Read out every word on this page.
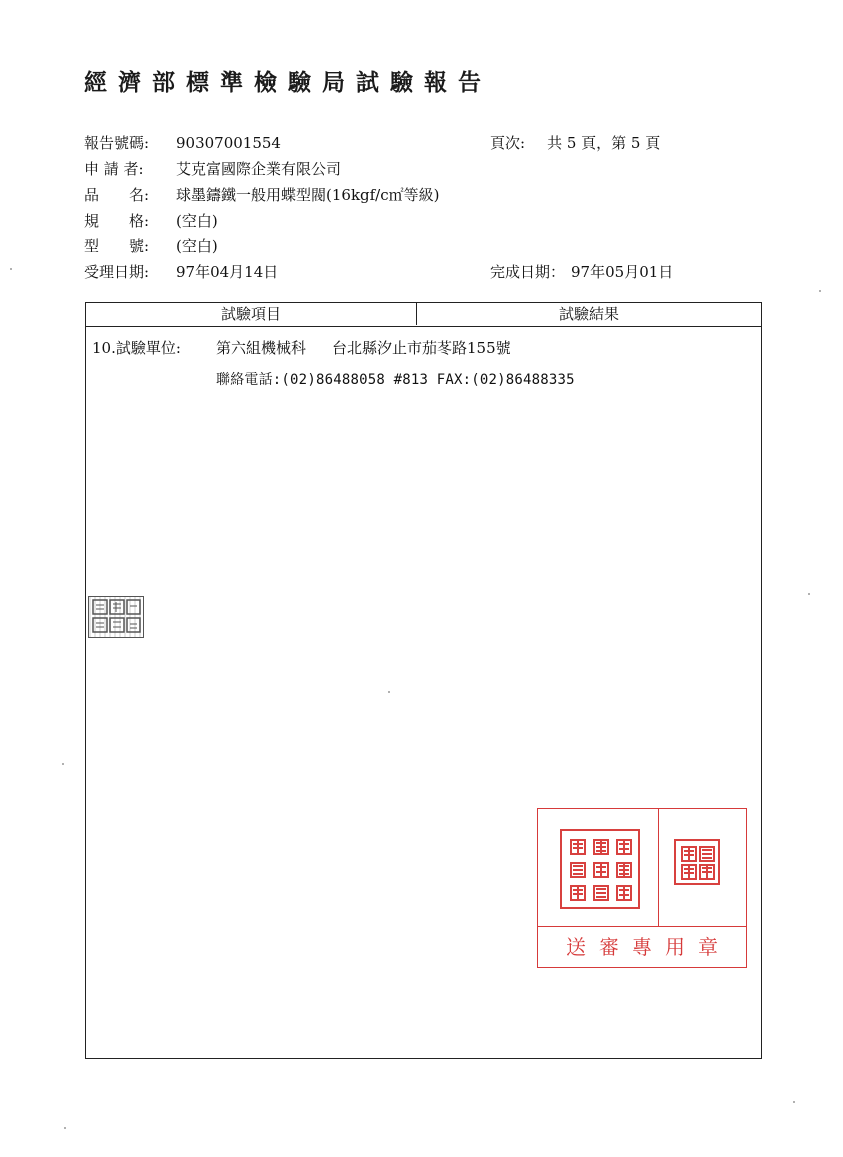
經濟部標準檢驗局試驗報告
報告號碼: 90307001554	頁次: 共 5 頁，第 5 頁
申 請 者: 艾克富國際企業有限公司
品　　名: 球墨鑄鐵一般用蝶型閥(16kgf/c㎡等級)
規　　格: (空白)
型　　號: (空白)
受理日期: 97年04月14日	完成日期： 97年05月01日
試驗項目	試驗結果
10.試驗單位: 第六組機械科 台北縣汐止市茄苳路155號
聯絡電話:(02)86488058 #813 FAX:(02)86488335
送審專用章
